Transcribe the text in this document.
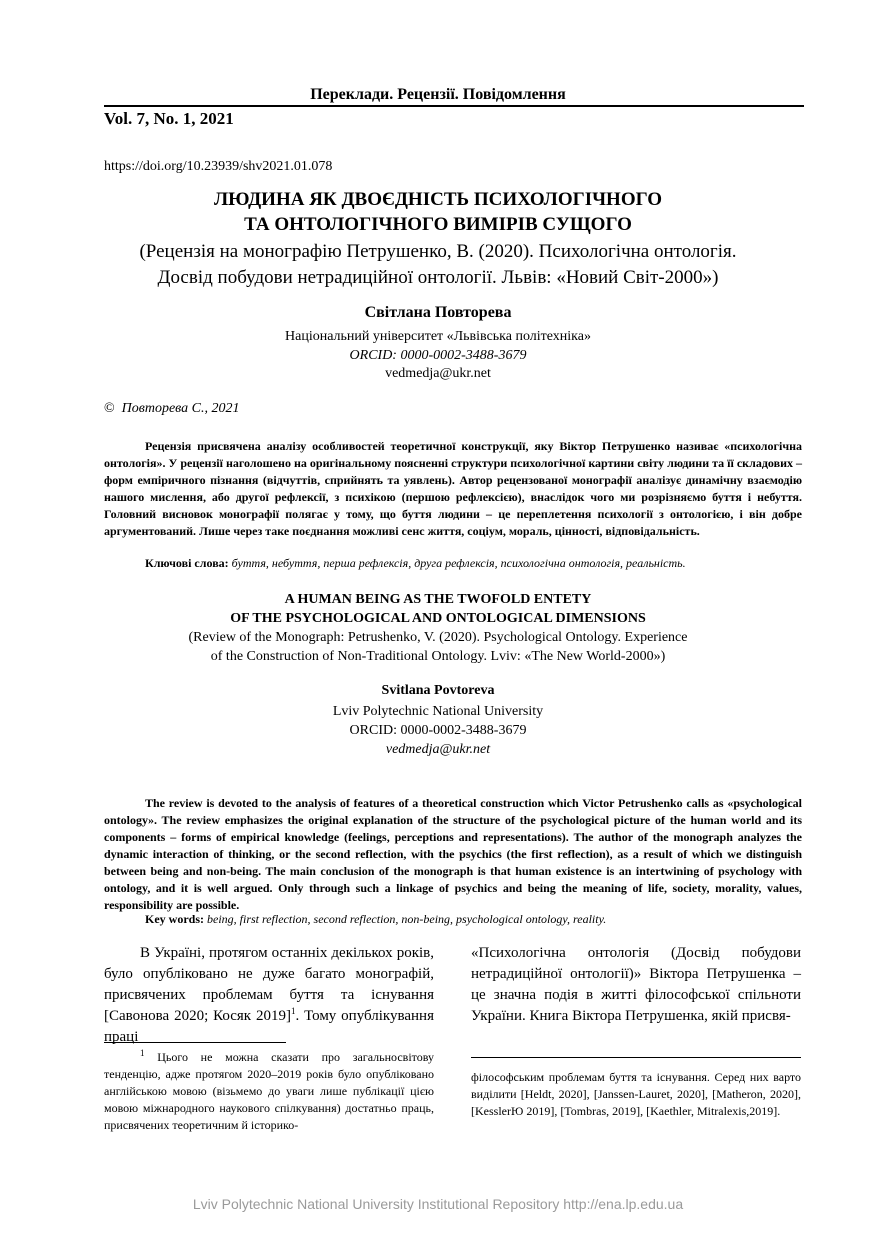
Переклади. Рецензії. Повідомлення
Vol. 7, No. 1, 2021
https://doi.org/10.23939/shv2021.01.078
ЛЮДИНА ЯК ДВОЄДНІСТЬ ПСИХОЛОГІЧНОГО
ТА ОНТОЛОГІЧНОГО ВИМІРІВ СУЩОГО
(Рецензія на монографію Петрушенко, В. (2020). Психологічна онтологія.
Досвід побудови нетрадиційної онтології. Львів: «Новий Світ-2000»)
Світлана Повторева
Національний університет «Львівська політехніка»
ORCID: 0000-0002-3488-3679
vedmedja@ukr.net
© Повторева С., 2021

Рецензія присвячена аналізу особливостей теоретичної конструкції, яку Віктор Петрушенко називає «психологічна онтологія». У рецензії наголошено на оригінальному поясненні структури психологічної картини світу людини та її складових – форм емпіричного пізнання (відчуттів, сприйнять та уявлень). Автор рецензованої монографії аналізує динамічну взаємодію нашого мислення, або другої рефлексії, з психікою (першою рефлексією), внаслідок чого ми розрізняємо буття і небуття. Головний висновок монографії полягає у тому, що буття людини – це переплетення психології з онтологією, і він добре аргументований. Лише через таке поєднання можливі сенс життя, соціум, мораль, цінності, відповідальність.

Ключові слова: буття, небуття, перша рефлексія, друга рефлексія, психологічна онтологія, реальність.
A HUMAN BEING AS THE TWOFOLD ENTETY
OF THE PSYCHOLOGICAL AND ONTOLOGICAL DIMENSIONS
(Review of the Monograph: Petrushenko, V. (2020). Psychological Ontology. Experience
of the Construction of Non-Traditional Ontology. Lviv: «The New World-2000»)
Svitlana Povtoreva
Lviv Polytechnic National University
ORCID: 0000-0002-3488-3679
vedmedja@ukr.net

The review is devoted to the analysis of features of a theoretical construction which Victor Petrushenko calls as «psychological ontology». The review emphasizes the original explanation of the structure of the psychological picture of the human world and its components – forms of empirical knowledge (feelings, perceptions and representations). The author of the monograph analyzes the dynamic interaction of thinking, or the second reflection, with the psychics (the first reflection), as a result of which we distinguish between being and non-being. The main conclusion of the monograph is that human existence is an intertwining of psychology with ontology, and it is well argued. Only through such a linkage of psychics and being the meaning of life, society, morality, values, responsibility are possible.

Key words: being, first reflection, second reflection, non-being, psychological ontology, reality.

В Україні, протягом останніх декількох років, було опубліковано не дуже багато монографій, присвячених проблемам буття та існування [Савонова 2020; Косяк 2019]$^1$. Тому опублікування праці

«Психологічна онтологія (Досвід побудови нетрадиційної онтології)» Віктора Петрушенка – це значна подія в житті філософської спільноти України. Книга Віктора Петрушенка, якій присвя-

$^1$ Цього не можна сказати про загальносвітову тенденцію, адже протягом 2020–2019 років було опубліковано англійською мовою (візьмемо до уваги лише публікації цією мовою міжнародного наукового спілкування) достатньо праць, присвячених теоретичним й історико-

філософським проблемам буття та існування. Серед них варто виділити [Heldt, 2020], [Janssen-Lauret, 2020], [Matheron, 2020], [KesslerЮ 2019], [Tombras, 2019], [Kaethler, Mitralexis,2019].

Lviv Polytechnic National University Institutional Repository http://ena.lp.edu.ua
